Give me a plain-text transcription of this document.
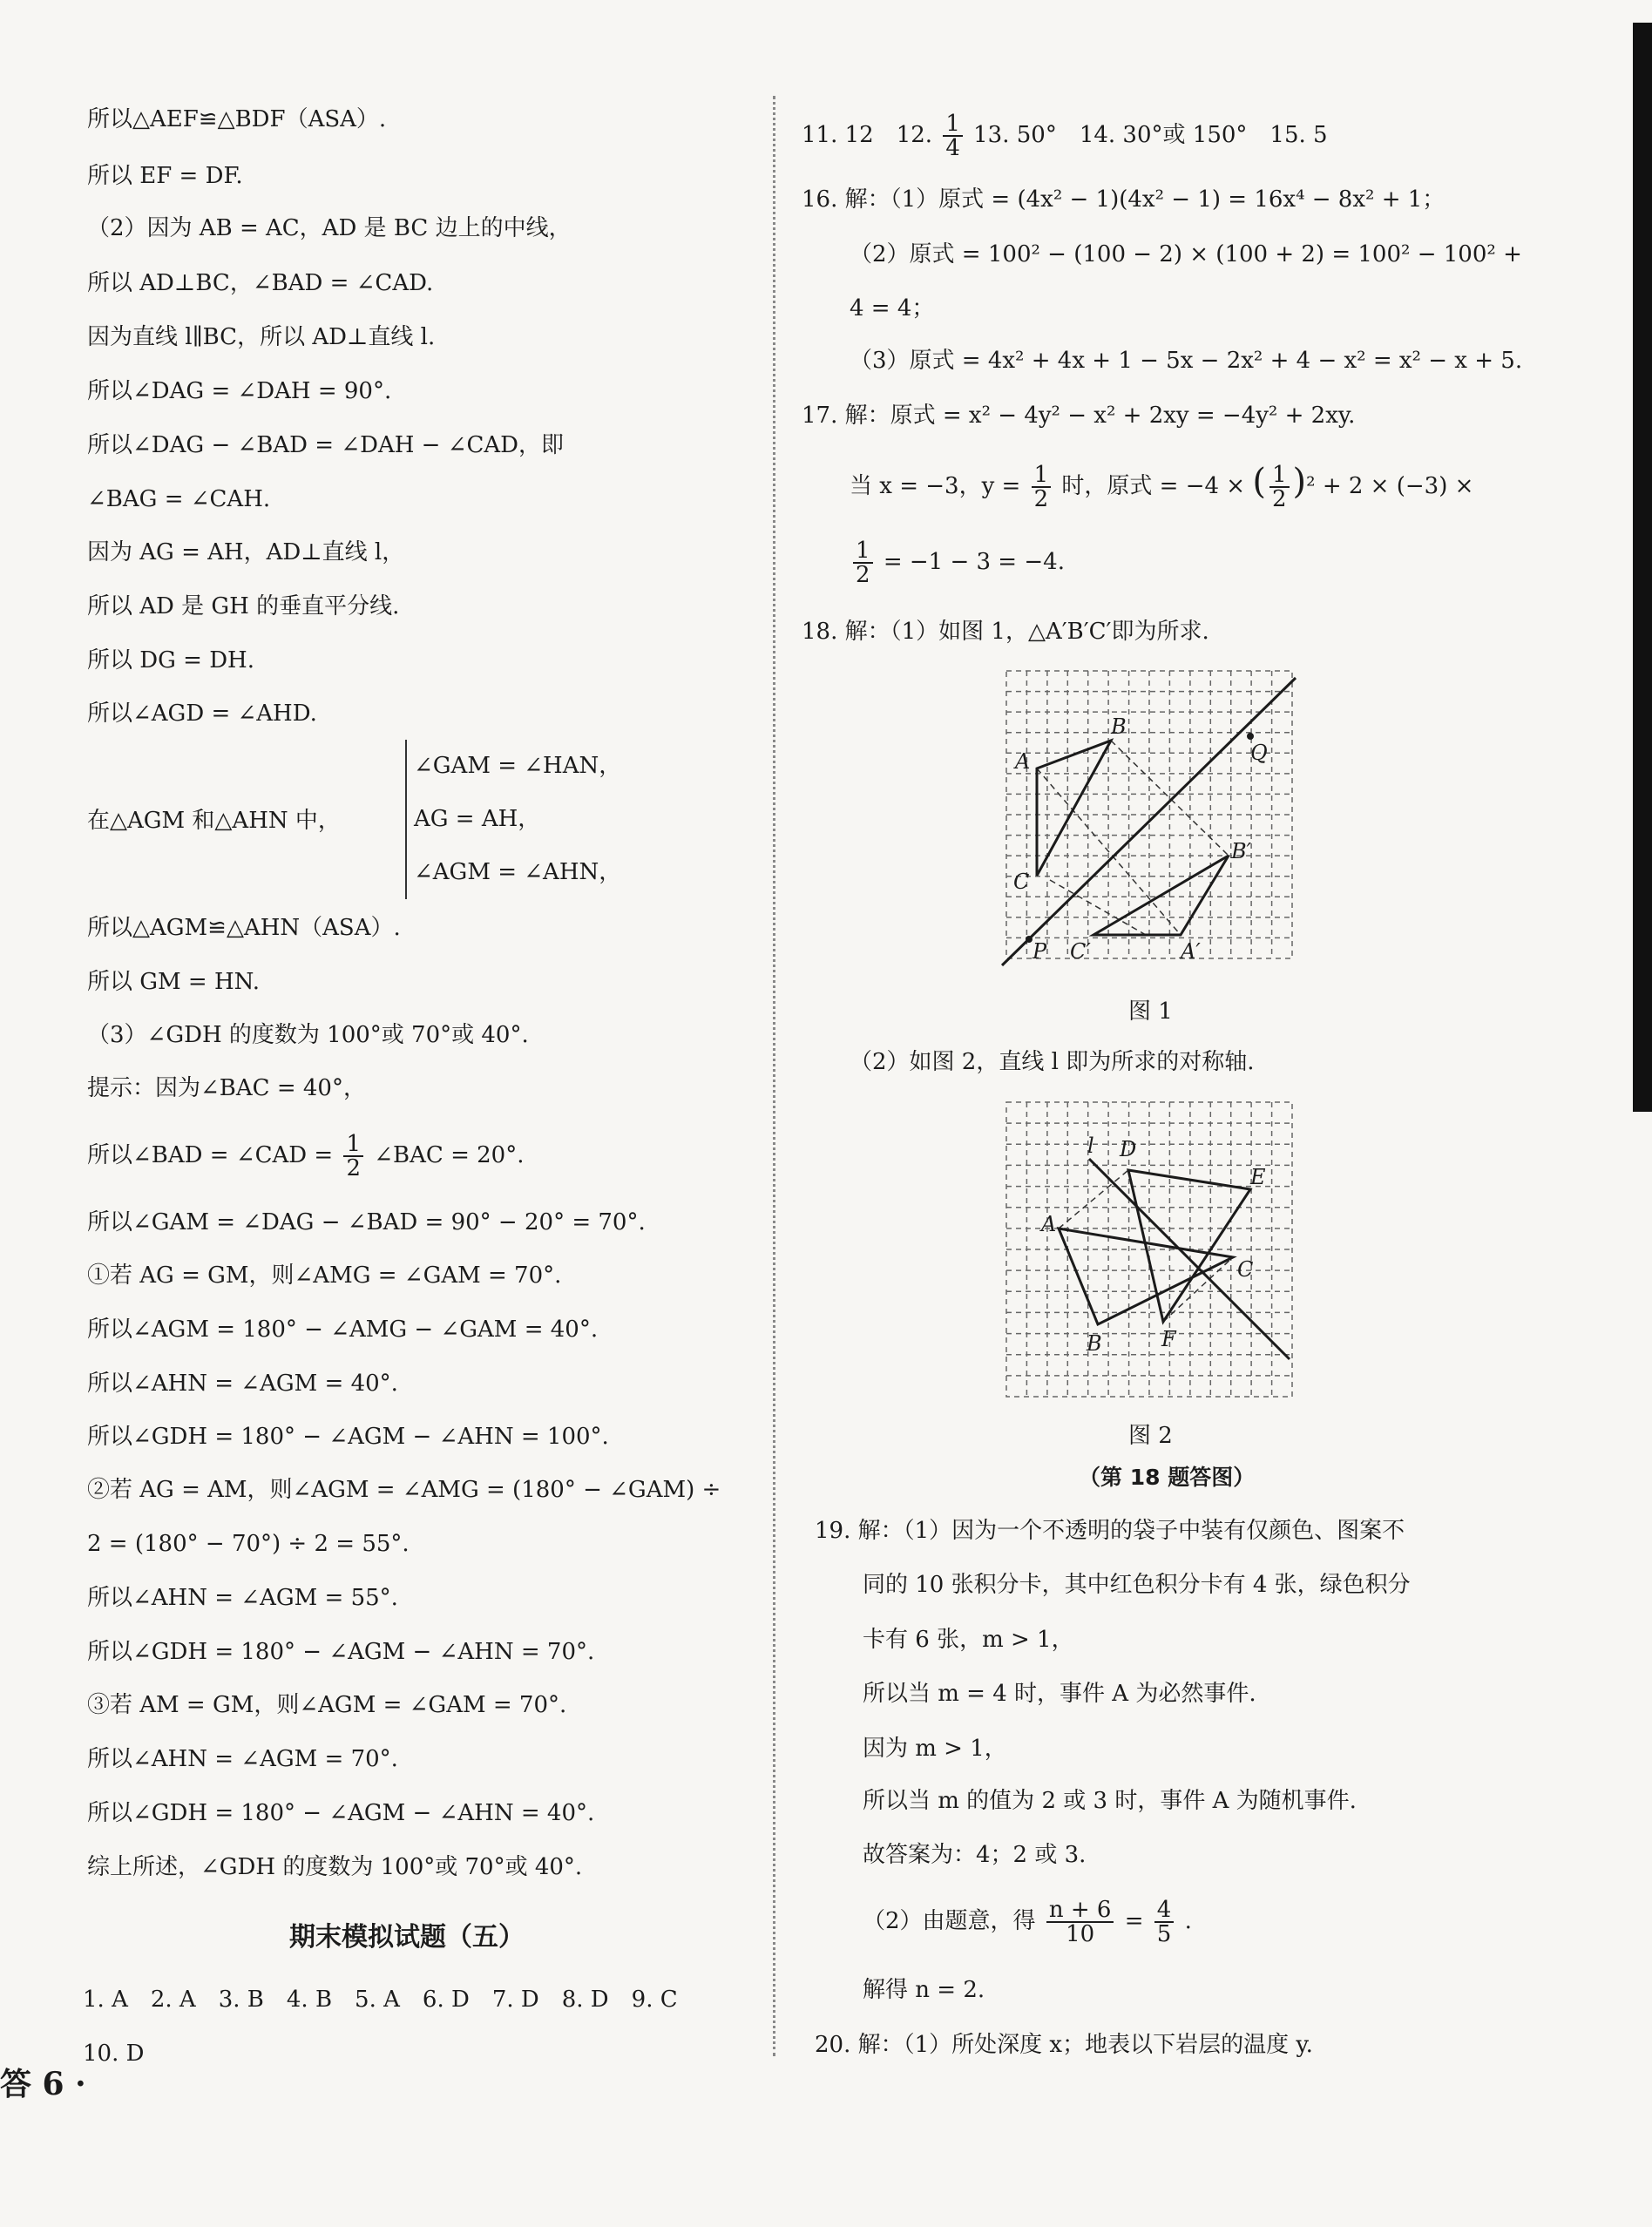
所以△AEF≌△BDF（ASA）.
所以 EF = DF.
（2）因为 AB = AC，AD 是 BC 边上的中线，
所以 AD⊥BC，∠BAD = ∠CAD.
因为直线 l∥BC，所以 AD⊥直线 l.
所以∠DAG = ∠DAH = 90°.
所以∠DAG − ∠BAD = ∠DAH − ∠CAD，即
∠BAG = ∠CAH.
因为 AG = AH，AD⊥直线 l，
所以 AD 是 GH 的垂直平分线.
所以 DG = DH.
所以∠AGD = ∠AHD.
在△AGM 和△AHN 中，
∠GAM = ∠HAN，
AG = AH，
∠AGM = ∠AHN，
所以△AGM≌△AHN（ASA）.
所以 GM = HN.
（3）∠GDH 的度数为 100°或 70°或 40°.
提示：因为∠BAC = 40°，
所以∠BAD = ∠CAD = $\frac{1}{2}$ ∠BAC = 20°.
所以∠GAM = ∠DAG − ∠BAD = 90° − 20° = 70°.
①若 AG = GM，则∠AMG = ∠GAM = 70°.
所以∠AGM = 180° − ∠AMG − ∠GAM = 40°.
所以∠AHN = ∠AGM = 40°.
所以∠GDH = 180° − ∠AGM − ∠AHN = 100°.
②若 AG = AM，则∠AGM = ∠AMG = (180° − ∠GAM) ÷
2 = (180° − 70°) ÷ 2 = 55°.
所以∠AHN = ∠AGM = 55°.
所以∠GDH = 180° − ∠AGM − ∠AHN = 70°.
③若 AM = GM，则∠AGM = ∠GAM = 70°.
所以∠AHN = ∠AGM = 70°.
所以∠GDH = 180° − ∠AGM − ∠AHN = 40°.
综上所述，∠GDH 的度数为 100°或 70°或 40°.
期末模拟试题（五）
1. A　2. A　3. B　4. B　5. A　6. D　7. D　8. D　9. C
10. D
11. 12　12. $\frac{1}{4} 13$. 50°　14. 30°或 150°　15. 5
16. 解：（1）原式 = (4x² − 1)(4x² − 1) = 16x⁴ − 8x² + 1；
（2）原式 = 100² − (100 − 2) × (100 + 2) = 100² − 100² +
4 = 4；
（3）原式 = 4x² + 4x + 1 − 5x − 2x² + 4 − x² = x² − x + 5.
17. 解：原式 = x² − 4y² − x² + 2xy = −4y² + 2xy.
当 x = −3，$y = \frac{1}{2}$ 时，原式 = −4 × ( $\frac{1}{2} )^2 + 2 \times (-3)$ ×
$\frac{1}{2} = -1 - 3 = -4$.
18. 解：（1）如图 1，△A′B′C′即为所求.
A
B
C
P
Q
B′
C′	A′
图 1
（2）如图 2，直线 l 即为所求的对称轴.
l D
E
A
C
B	F
图 2
（第 18 题答图）
19. 解：（1）因为一个不透明的袋子中装有仅颜色、图案不
同的 10 张积分卡，其中红色积分卡有 4 张，绿色积分
卡有 6 张，m > 1，
所以当 m = 4 时，事件 A 为必然事件.
因为 m > 1，
所以当 m 的值为 2 或 3 时，事件 A 为随机事件.
故答案为：4；2 或 3.
（2）由题意，得 $\frac{n + 6}{10} = \frac{4}{5}$ .
解得 n = 2.
20. 解：（1）所处深度 x；地表以下岩层的温度 y.
答 6 ·
